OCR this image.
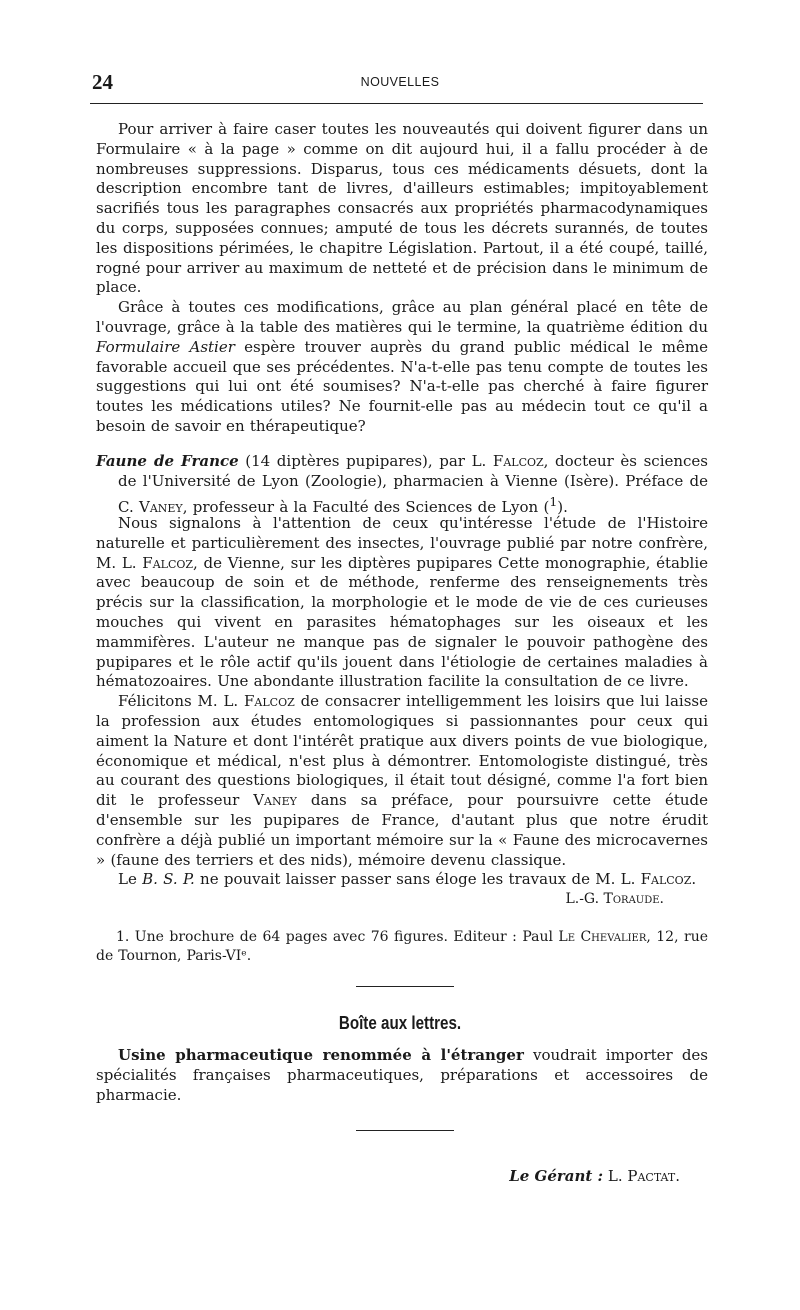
24	NOUVELLES

Pour arriver à faire caser toutes les nouveautés qui doivent figurer dans un Formulaire « à la page » comme on dit aujourd hui, il a fallu procéder à de nombreuses suppressions. Disparus, tous ces médicaments désuets, dont la description encombre tant de livres, d'ailleurs estimables; impitoyablement sacrifiés tous les paragraphes consacrés aux propriétés pharmacodynamiques du corps, supposées connues; amputé de tous les décrets surannés, de toutes les dispositions périmées, le chapitre Législation. Partout, il a été coupé, taillé, rogné pour arriver au maximum de netteté et de précision dans le minimum de place.

Grâce à toutes ces modifications, grâce au plan général placé en tête de l'ouvrage, grâce à la table des matières qui le termine, la quatrième édition du Formulaire Astier espère trouver auprès du grand public médical le même favorable accueil que ses précédentes. N'a-t-elle pas tenu compte de toutes les suggestions qui lui ont été soumises? N'a-t-elle pas cherché à faire figurer toutes les médications utiles? Ne fournit-elle pas au médecin tout ce qu'il a besoin de savoir en thérapeutique?

Faune de France (14 diptères pupipares), par L. Falcoz, docteur ès sciences de l'Université de Lyon (Zoologie), pharmacien à Vienne (Isère). Préface de C. Vaney, professeur à la Faculté des Sciences de Lyon ($^1$).

Nous signalons à l'attention de ceux qu'intéresse l'étude de l'Histoire naturelle et particulièrement des insectes, l'ouvrage publié par notre confrère, M. L. Falcoz, de Vienne, sur les diptères pupipares Cette monographie, établie avec beaucoup de soin et de méthode, renferme des renseignements très précis sur la classification, la morphologie et le mode de vie de ces curieuses mouches qui vivent en parasites hématophages sur les oiseaux et les mammifères. L'auteur ne manque pas de signaler le pouvoir pathogène des pupipares et le rôle actif qu'ils jouent dans l'étiologie de certaines maladies à hématozoaires. Une abondante illustration facilite la consultation de ce livre.

Félicitons M. L. Falcoz de consacrer intelligemment les loisirs que lui laisse la profession aux études entomologiques si passionnantes pour ceux qui aiment la Nature et dont l'intérêt pratique aux divers points de vue biologique, économique et médical, n'est plus à démontrer. Entomologiste distingué, très au courant des questions biologiques, il était tout désigné, comme l'a fort bien dit le professeur Vaney dans sa préface, pour poursuivre cette étude d'ensemble sur les pupipares de France, d'autant plus que notre érudit confrère a déjà publié un important mémoire sur la « Faune des microcavernes » (faune des terriers et des nids), mémoire devenu classique.

Le B. S. P. ne pouvait laisser passer sans éloge les travaux de M. L. Falcoz.

L.-G. Toraude.

1. Une brochure de 64 pages avec 76 figures. Editeur : Paul Le Chevalier, 12, rue de Tournon, Paris-VIᵉ.

Boîte aux lettres.

Usine pharmaceutique renommée à l'étranger voudrait importer des spécialités françaises pharmaceutiques, préparations et accessoires de pharmacie.

Le Gérant : L. Pactat.
